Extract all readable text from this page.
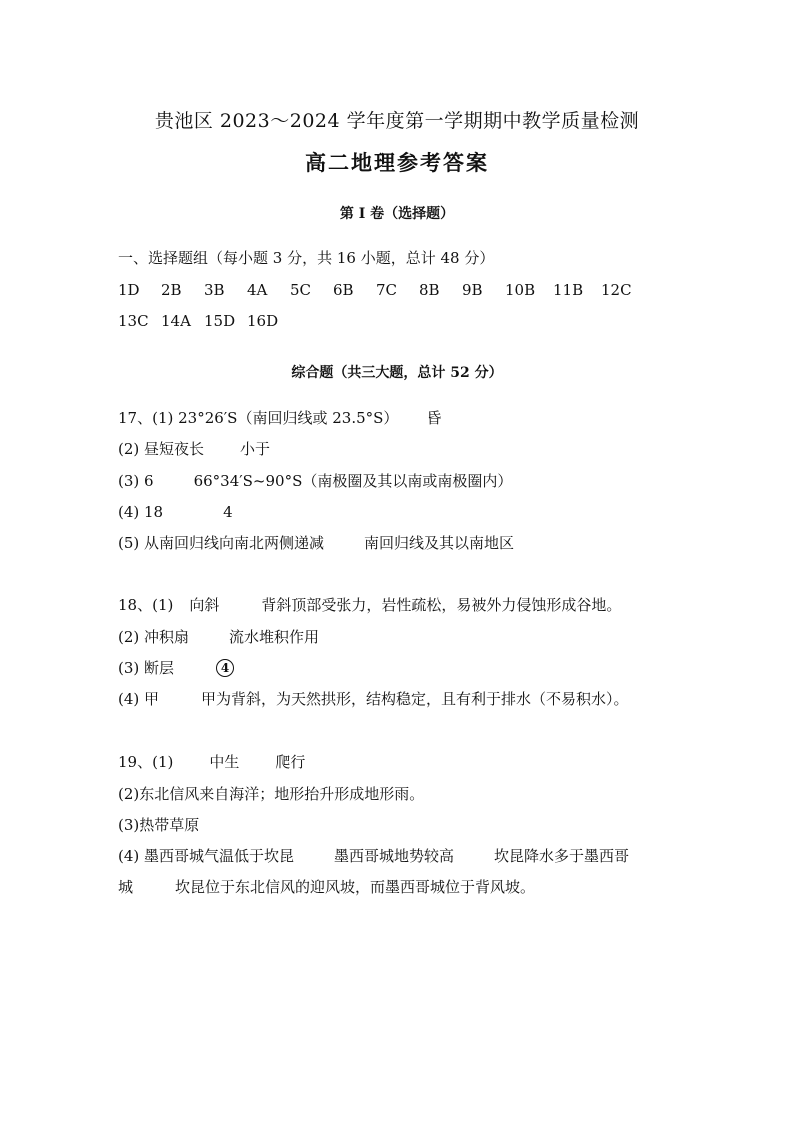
贵池区 2023～2024 学年度第一学期期中教学质量检测
高二地理参考答案
第 I 卷（选择题）
一、选择题组（每小题 3 分，共 16 小题，总计 48 分）
1D 2B 3B 4A 5C 6B 7C 8B 9B 10B 11B 12C
13C 14A 15D 16D
综合题（共三大题，总计 52 分）
17、(1) 23°26′S（南回归线或 23.5°S） 昏
(2) 昼短夜长 小于
(3) 6	66°34′S~90°S（南极圈及其以南或南极圈内）
(4) 18	4
(5) 从南回归线向南北两侧递减	南回归线及其以南地区
18、(1) 向斜	背斜顶部受张力，岩性疏松，易被外力侵蚀形成谷地。
(2) 冲积扇	流水堆积作用
(3) 断层	4
(4) 甲	甲为背斜，为天然拱形，结构稳定，且有利于排水（不易积水）。
19、(1) 中生 爬行
(2)东北信风来自海洋；地形抬升形成地形雨。
(3)热带草原
(4) 墨西哥城气温低于坎昆	墨西哥城地势较高	坎昆降水多于墨西哥
城	坎昆位于东北信风的迎风坡，而墨西哥城位于背风坡。
